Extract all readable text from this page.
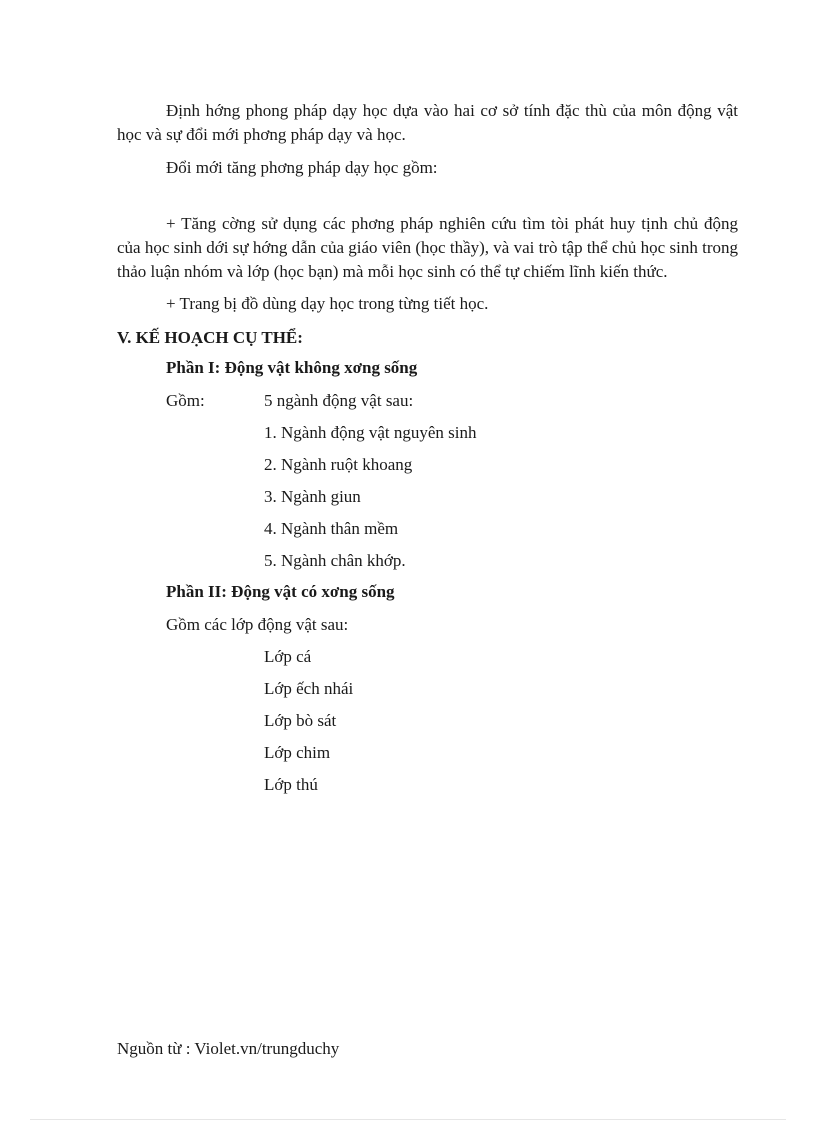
Định hớng phong pháp dạy học dựa vào hai cơ sở tính đặc thù của môn động vật học và sự đổi mới phơng pháp dạy và học.

Đổi mới tăng phơng pháp dạy học gồm:

+ Tăng cờng sử dụng các phơng pháp nghiên cứu tìm tòi phát huy tịnh chủ động của học sinh dới sự hớng dẫn của giáo viên (học thầy), và vai trò tập thể chủ học sinh trong thảo luận nhóm và lớp (học bạn) mà mỗi học sinh có thể tự chiếm lĩnh kiến thức.

+ Trang bị đồ dùng dạy học trong từng tiết học.

V. KẾ HOẠCH CỤ THỂ:
Phần I: Động vật không xơng sống

Gồm:	5 ngành động vật sau:

1. Ngành động vật nguyên sinh

2. Ngành ruột khoang

3. Ngành giun

4. Ngành thân mềm

5. Ngành chân khớp.

Phần II: Động vật có xơng sống

Gồm các lớp động vật sau:

Lớp cá

Lớp ếch nhái

Lớp bò sát

Lớp chim

Lớp thú

Nguồn từ : Violet.vn/trungduchy
